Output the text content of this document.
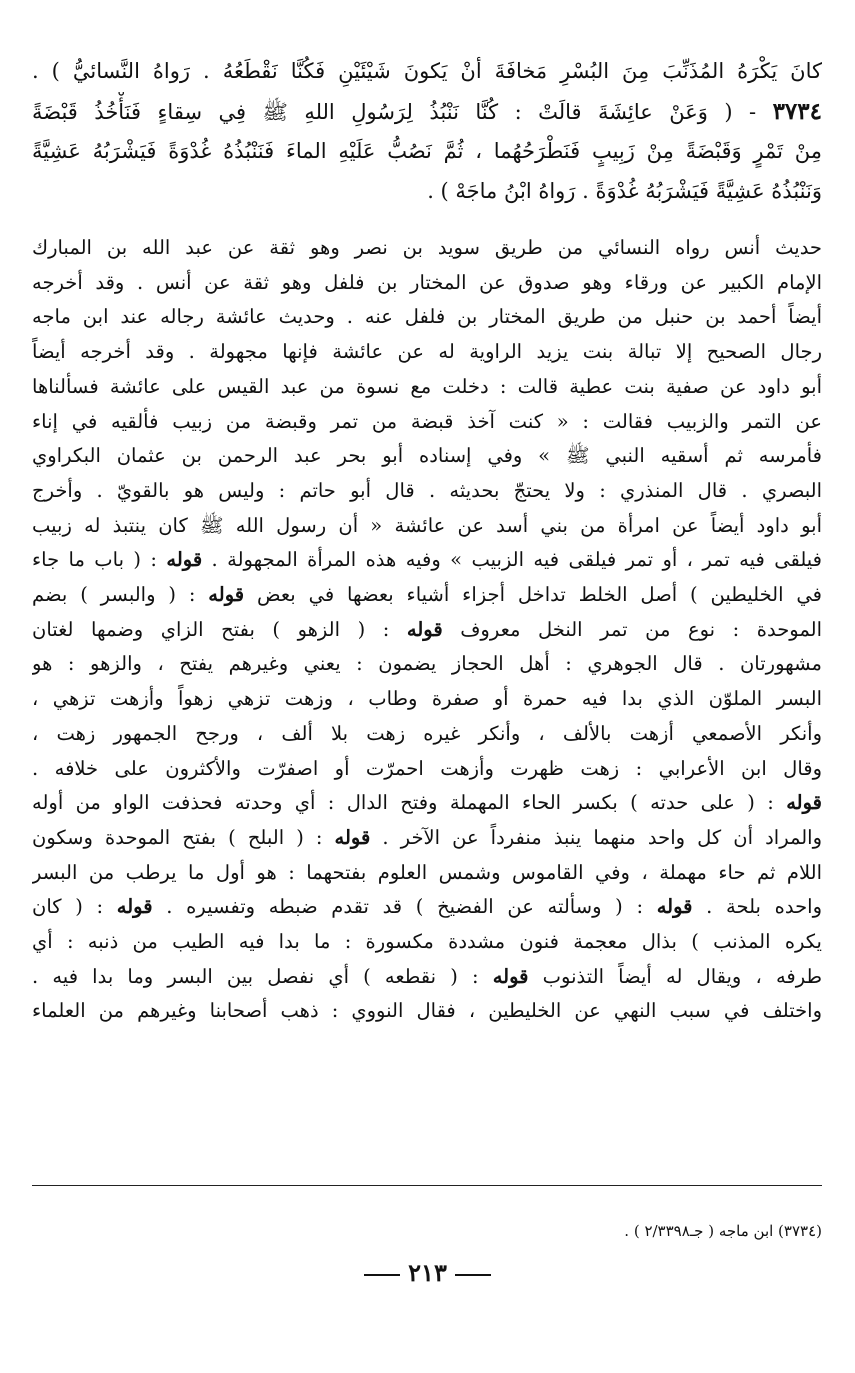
كانَ يَكْرَهُ المُذَنِّبَ مِنَ البُسْرِ مَخافَةَ أنْ يَكونَ شَيْئَيْنِ فَكُنَّا نَقْطَعُهُ . رَواهُ النَّسائيُّ ) .
٣٧٣٤ - ( وَعَنْ عائِشَةَ قالَتْ : كُنَّا نَنْبُذُ لِرَسُولِ اللهِ ﷺ فِي سِقاءٍ فَنَأْخُذُ قَبْضَةً
مِنْ تَمْرٍ وَقَبْضَةً مِنْ زَبِيبٍ فَنَطْرَحُهُما ، ثُمَّ نَصُبُّ عَلَيْهِ الماءَ فَنَنْبُذُهُ غُدْوَةً فَيَشْرَبُهُ عَشِيَّةً
وَنَنْبُذُهُ عَشِيَّةً فَيَشْرَبُهُ غُدْوَةً . رَواهُ ابْنُ ماجَهْ ) .
حديث أنس رواه النسائي من طريق سويد بن نصر وهو ثقة عن عبد الله بن المبارك
الإمام الكبير عن ورقاء وهو صدوق عن المختار بن فلفل وهو ثقة عن أنس . وقد أخرجه
أيضاً أحمد بن حنبل من طريق المختار بن فلفل عنه . وحديث عائشة رجاله عند ابن ماجه
رجال الصحيح إلا تبالة بنت يزيد الراوية له عن عائشة فإنها مجهولة . وقد أخرجه أيضاً
أبو داود عن صفية بنت عطية قالت : دخلت مع نسوة من عبد القيس على عائشة فسألناها
عن التمر والزبيب فقالت : « كنت آخذ قبضة من تمر وقبضة من زبيب فألقيه في إناء
فأمرسه ثم أسقيه النبي ﷺ » وفي إسناده أبو بحر عبد الرحمن بن عثمان البكراوي
البصري . قال المنذري : ولا يحتجّ بحديثه . قال أبو حاتم : وليس هو بالقويّ . وأخرج
أبو داود أيضاً عن امرأة من بني أسد عن عائشة « أن رسول الله ﷺ كان ينتبذ له زبيب
فيلقى فيه تمر ، أو تمر فيلقى فيه الزبيب » وفيه هذه المرأة المجهولة . قوله : ( باب ما جاء
في الخليطين ) أصل الخلط تداخل أجزاء أشياء بعضها في بعض قوله : ( والبسر ) بضم
الموحدة : نوع من تمر النخل معروف قوله : ( الزهو ) بفتح الزاي وضمها لغتان
مشهورتان . قال الجوهري : أهل الحجاز يضمون : يعني وغيرهم يفتح ، والزهو : هو
البسر الملوّن الذي بدا فيه حمرة أو صفرة وطاب ، وزهت تزهي زهواً وأزهت تزهي ،
وأنكر الأصمعي أزهت بالألف ، وأنكر غيره زهت بلا ألف ، ورجح الجمهور زهت ،
وقال ابن الأعرابي : زهت ظهرت وأزهت احمرّت أو اصفرّت والأكثرون على خلافه .
قوله : ( على حدته ) بكسر الحاء المهملة وفتح الدال : أي وحدته فحذفت الواو من أوله
والمراد أن كل واحد منهما ينبذ منفرداً عن الآخر . قوله : ( البلح ) بفتح الموحدة وسكون
اللام ثم حاء مهملة ، وفي القاموس وشمس العلوم بفتحهما : هو أول ما يرطب من البسر
واحده بلحة . قوله : ( وسألته عن الفضيخ ) قد تقدم ضبطه وتفسيره . قوله : ( كان
يكره المذنب ) بذال معجمة فنون مشددة مكسورة : ما بدا فيه الطيب من ذنبه : أي
طرفه ، ويقال له أيضاً التذنوب قوله : ( نقطعه ) أي نفصل بين البسر وما بدا فيه .
واختلف في سبب النهي عن الخليطين ، فقال النووي : ذهب أصحابنا وغيرهم من العلماء
(٣٧٣٤) ابن ماجه ( جـ٢/٣٣٩٨ ) .
٢١٣
